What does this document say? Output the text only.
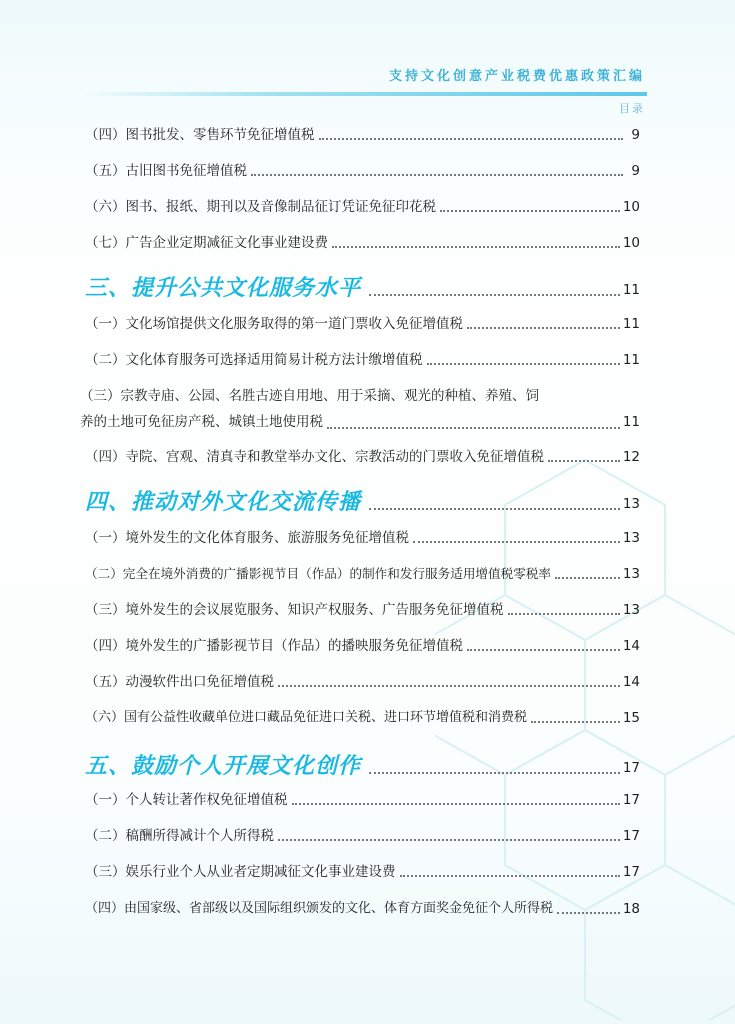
支持文化创意产业税费优惠政策汇编
目录
（四）图书批发、零售环节免征增值税	9
（五）古旧图书免征增值税	9
（六）图书、报纸、期刊以及音像制品征订凭证免征印花税	10
（七）广告企业定期减征文化事业建设费	10
三、提升公共文化服务水平	11
（一）文化场馆提供文化服务取得的第一道门票收入免征增值税	11
（二）文化体育服务可选择适用简易计税方法计缴增值税	11
（三）宗教寺庙、公园、名胜古迹自用地、用于采摘、观光的种植、养殖、饲
养的土地可免征房产税、城镇土地使用税	11
（四）寺院、宫观、清真寺和教堂举办文化、宗教活动的门票收入免征增值税	12
四、推动对外文化交流传播	13
（一）境外发生的文化体育服务、旅游服务免征增值税	13
（二）完全在境外消费的广播影视节目（作品）的制作和发行服务适用增值税零税率	13
（三）境外发生的会议展览服务、知识产权服务、广告服务免征增值税	13
（四）境外发生的广播影视节目（作品）的播映服务免征增值税	14
（五）动漫软件出口免征增值税	14
（六）国有公益性收藏单位进口藏品免征进口关税、进口环节增值税和消费税	15
五、鼓励个人开展文化创作	17
（一）个人转让著作权免征增值税	17
（二）稿酬所得减计个人所得税	17
（三）娱乐行业个人从业者定期减征文化事业建设费	17
（四）由国家级、省部级以及国际组织颁发的文化、体育方面奖金免征个人所得税	18
